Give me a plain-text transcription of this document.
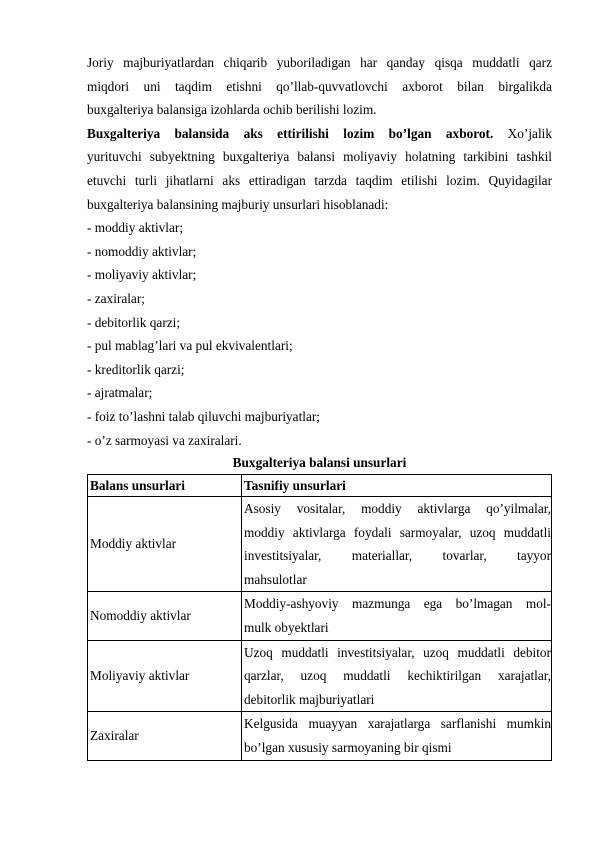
Joriy majburiyatlardan chiqarib yuboriladigan har qanday qisqa muddatli qarz
miqdori uni taqdim etishni qo’llab-quvvatlovchi axborot bilan birgalikda
buxgalteriya balansiga izohlarda ochib berilishi lozim.

Buxgalteriya balansida aks ettirilishi lozim bo’lgan axborot. Xo’jalik
yurituvchi subyektning buxgalteriya balansi moliyaviy holatning tarkibini tashkil
etuvchi turli jihatlarni aks ettiradigan tarzda taqdim etilishi lozim. Quyidagilar
buxgalteriya balansining majburiy unsurlari hisoblanadi:

- moddiy aktivlar;
- nomoddiy aktivlar;
- moliyaviy aktivlar;
- zaxiralar;
- debitorlik qarzi;
- pul mablag’lari va pul ekvivalentlari;
- kreditorlik qarzi;
- ajratmalar;
- foiz to’lashni talab qiluvchi majburiyatlar;
- o’z sarmoyasi va zaxiralari.
Buxgalteriya balansi unsurlari
Balans unsurlari	Tasnifiy unsurlari
Moddiy aktivlar	Asosiy vositalar, moddiy aktivlarga qo’yilmalar,
moddiy aktivlarga foydali sarmoyalar, uzoq muddatli
investitsiyalar, materiallar, tovarlar, tayyor
mahsulotlar

Nomoddiy aktivlar	Moddiy-ashyoviy mazmunga ega bo’lmagan mol-
mulk obyektlari

Moliyaviy aktivlar	Uzoq muddatli investitsiyalar, uzoq muddatli debitor
qarzlar, uzoq muddatli kechiktirilgan xarajatlar,
debitorlik majburiyatlari

Zaxiralar	Kelgusida muayyan xarajatlarga sarflanishi mumkin
bo’lgan xususiy sarmoyaning bir qismi
